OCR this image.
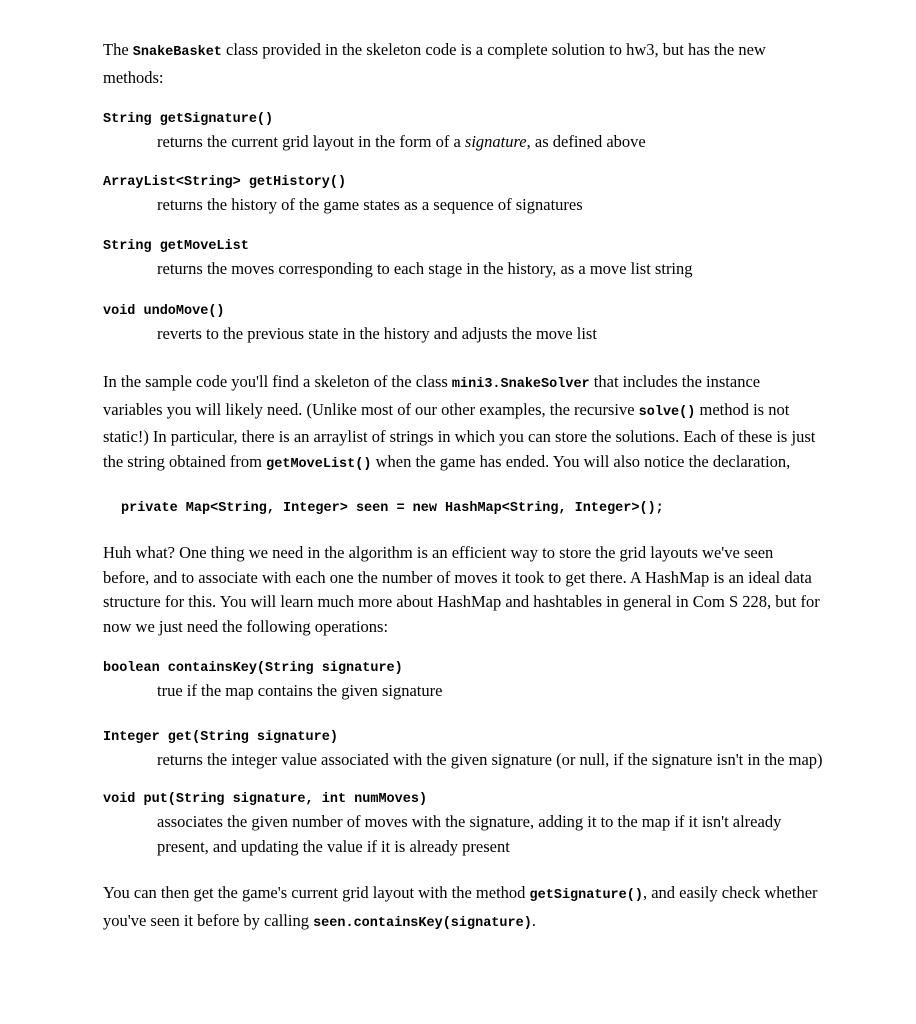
The SnakeBasket class provided in the skeleton code is a complete solution to hw3, but has the new methods:

String getSignature()
returns the current grid layout in the form of a signature, as defined above
ArrayList<String> getHistory()
returns the history of the game states as a sequence of signatures
String getMoveList
returns the moves corresponding to each stage in the history, as a move list string
void undoMove()
reverts to the previous state in the history and adjusts the move list

In the sample code you'll find a skeleton of the class mini3.SnakeSolver that includes the instance variables you will likely need. (Unlike most of our other examples, the recursive solve() method is not static!) In particular, there is an arraylist of strings in which you can store the solutions. Each of these is just the string obtained from getMoveList() when the game has ended. You will also notice the declaration,

private Map<String, Integer> seen = new HashMap<String, Integer>();

Huh what? One thing we need in the algorithm is an efficient way to store the grid layouts we've seen before, and to associate with each one the number of moves it took to get there. A HashMap is an ideal data structure for this. You will learn much more about HashMap and hashtables in general in Com S 228, but for now we just need the following operations:

boolean containsKey(String signature)
true if the map contains the given signature
Integer get(String signature)
returns the integer value associated with the given signature (or null, if the signature isn't in the map)
void put(String signature, int numMoves)
associates the given number of moves with the signature, adding it to the map if it isn't already present, and updating the value if it is already present

You can then get the game's current grid layout with the method getSignature(), and easily check whether you've seen it before by calling seen.containsKey(signature).
